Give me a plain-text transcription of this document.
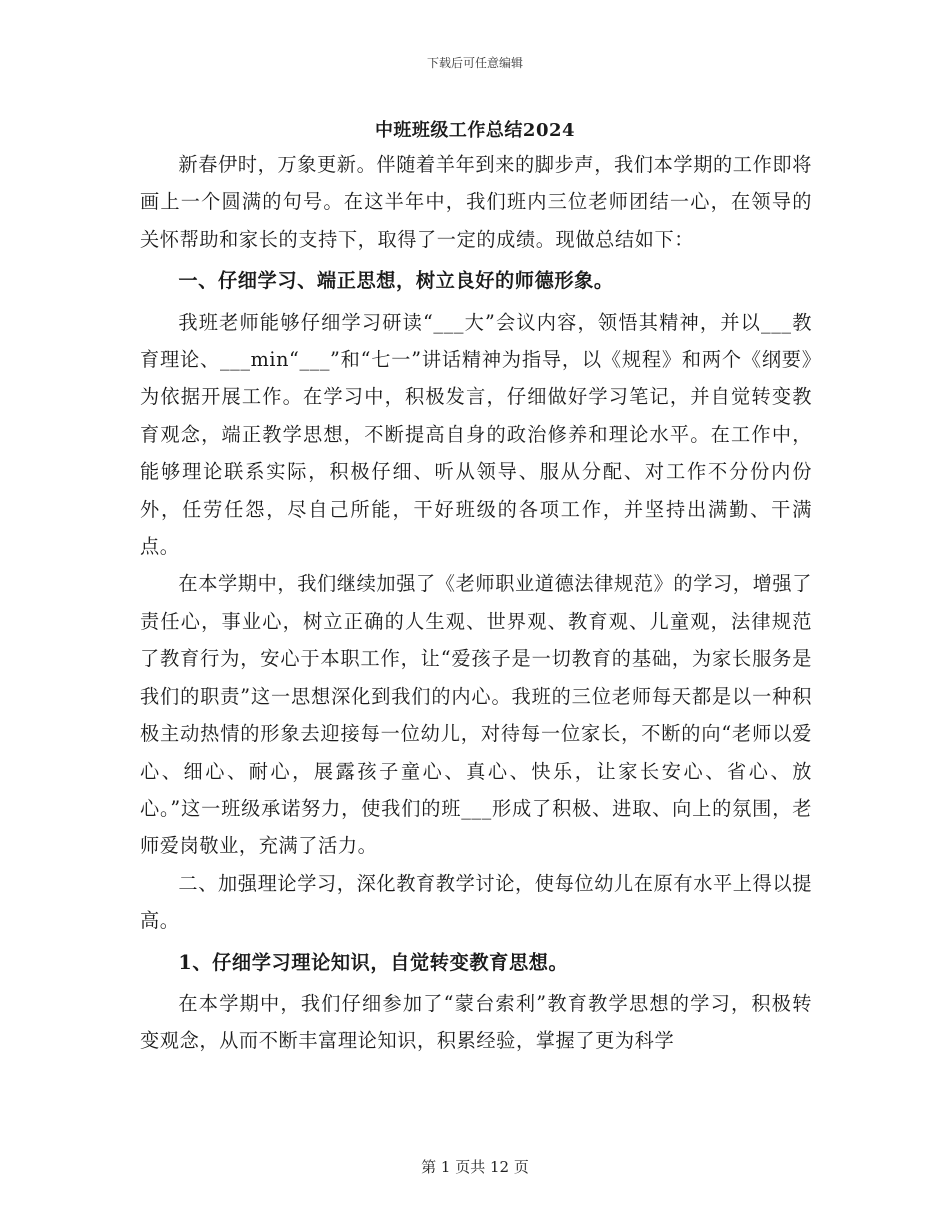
下载后可任意编辑
中班班级工作总结2024

新春伊时，万象更新。伴随着羊年到来的脚步声，我们本学期的工作即将画上一个圆满的句号。在这半年中，我们班内三位老师团结一心，在领导的关怀帮助和家长的支持下，取得了一定的成绩。现做总结如下：

一、仔细学习、端正思想，树立良好的师德形象。

我班老师能够仔细学习研读“___大”会议内容，领悟其精神，并以___教育理论、___min“___”和“七一”讲话精神为指导，以《规程》和两个《纲要》为依据开展工作。在学习中，积极发言，仔细做好学习笔记，并自觉转变教育观念，端正教学思想，不断提高自身的政治修养和理论水平。在工作中，能够理论联系实际，积极仔细、听从领导、服从分配、对工作不分份内份外，任劳任怨，尽自己所能，干好班级的各项工作，并坚持出满勤、干满点。

在本学期中，我们继续加强了《老师职业道德法律规范》的学习，增强了责任心，事业心，树立正确的人生观、世界观、教育观、儿童观，法律规范了教育行为，安心于本职工作，让“爱孩子是一切教育的基础，为家长服务是我们的职责”这一思想深化到我们的内心。我班的三位老师每天都是以一种积极主动热情的形象去迎接每一位幼儿，对待每一位家长，不断的向“老师以爱心、细心、耐心，展露孩子童心、真心、快乐，让家长安心、省心、放心。”这一班级承诺努力，使我们的班___形成了积极、进取、向上的氛围，老师爱岗敬业，充满了活力。

二、加强理论学习，深化教育教学讨论，使每位幼儿在原有水平上得以提高。

1、仔细学习理论知识，自觉转变教育思想。

在本学期中，我们仔细参加了“蒙台索利”教育教学思想的学习，积极转变观念，从而不断丰富理论知识，积累经验，掌握了更为科学

第 1 页共 12 页
